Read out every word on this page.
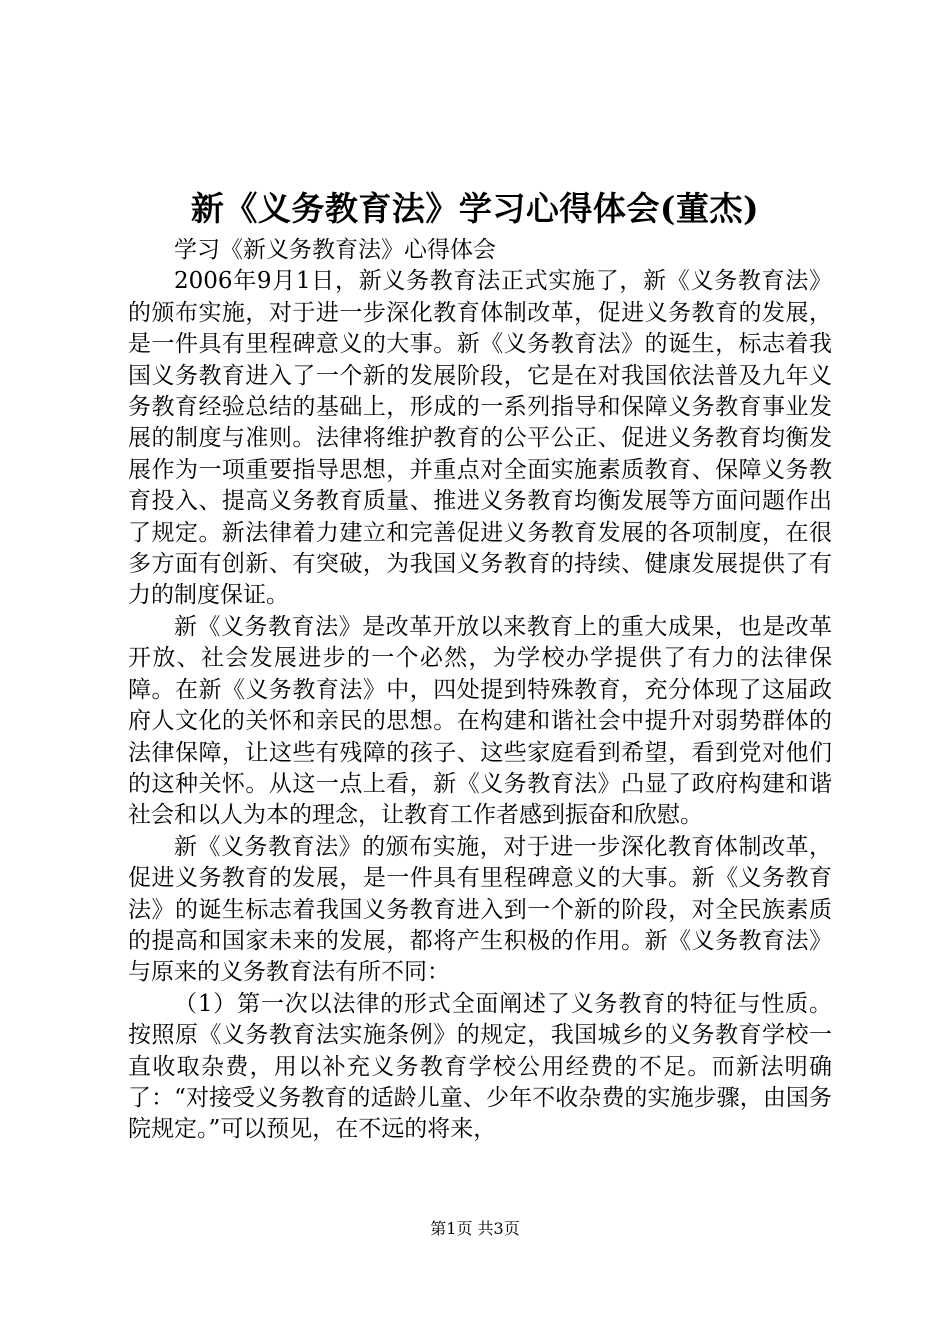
新《义务教育法》学习心得体会(董杰)

学习《新义务教育法》心得体会

2006年9月1日，新义务教育法正式实施了，新《义务教育法》的颁布实施，对于进一步深化教育体制改革，促进义务教育的发展，是一件具有里程碑意义的大事。新《义务教育法》的诞生，标志着我国义务教育进入了一个新的发展阶段，它是在对我国依法普及九年义务教育经验总结的基础上，形成的一系列指导和保障义务教育事业发展的制度与准则。法律将维护教育的公平公正、促进义务教育均衡发展作为一项重要指导思想，并重点对全面实施素质教育、保障义务教育投入、提高义务教育质量、推进义务教育均衡发展等方面问题作出了规定。新法律着力建立和完善促进义务教育发展的各项制度，在很多方面有创新、有突破，为我国义务教育的持续、健康发展提供了有力的制度保证。

新《义务教育法》是改革开放以来教育上的重大成果，也是改革开放、社会发展进步的一个必然，为学校办学提供了有力的法律保障。在新《义务教育法》中，四处提到特殊教育，充分体现了这届政府人文化的关怀和亲民的思想。在构建和谐社会中提升对弱势群体的法律保障，让这些有残障的孩子、这些家庭看到希望，看到党对他们的这种关怀。从这一点上看，新《义务教育法》凸显了政府构建和谐社会和以人为本的理念，让教育工作者感到振奋和欣慰。

新《义务教育法》的颁布实施，对于进一步深化教育体制改革，促进义务教育的发展，是一件具有里程碑意义的大事。新《义务教育法》的诞生标志着我国义务教育进入到一个新的阶段，对全民族素质的提高和国家未来的发展，都将产生积极的作用。新《义务教育法》与原来的义务教育法有所不同：

（1）第一次以法律的形式全面阐述了义务教育的特征与性质。按照原《义务教育法实施条例》的规定，我国城乡的义务教育学校一直收取杂费，用以补充义务教育学校公用经费的不足。而新法明确了：“对接受义务教育的适龄儿童、少年不收杂费的实施步骤，由国务院规定。”可以预见，在不远的将来，

第1页 共3页
